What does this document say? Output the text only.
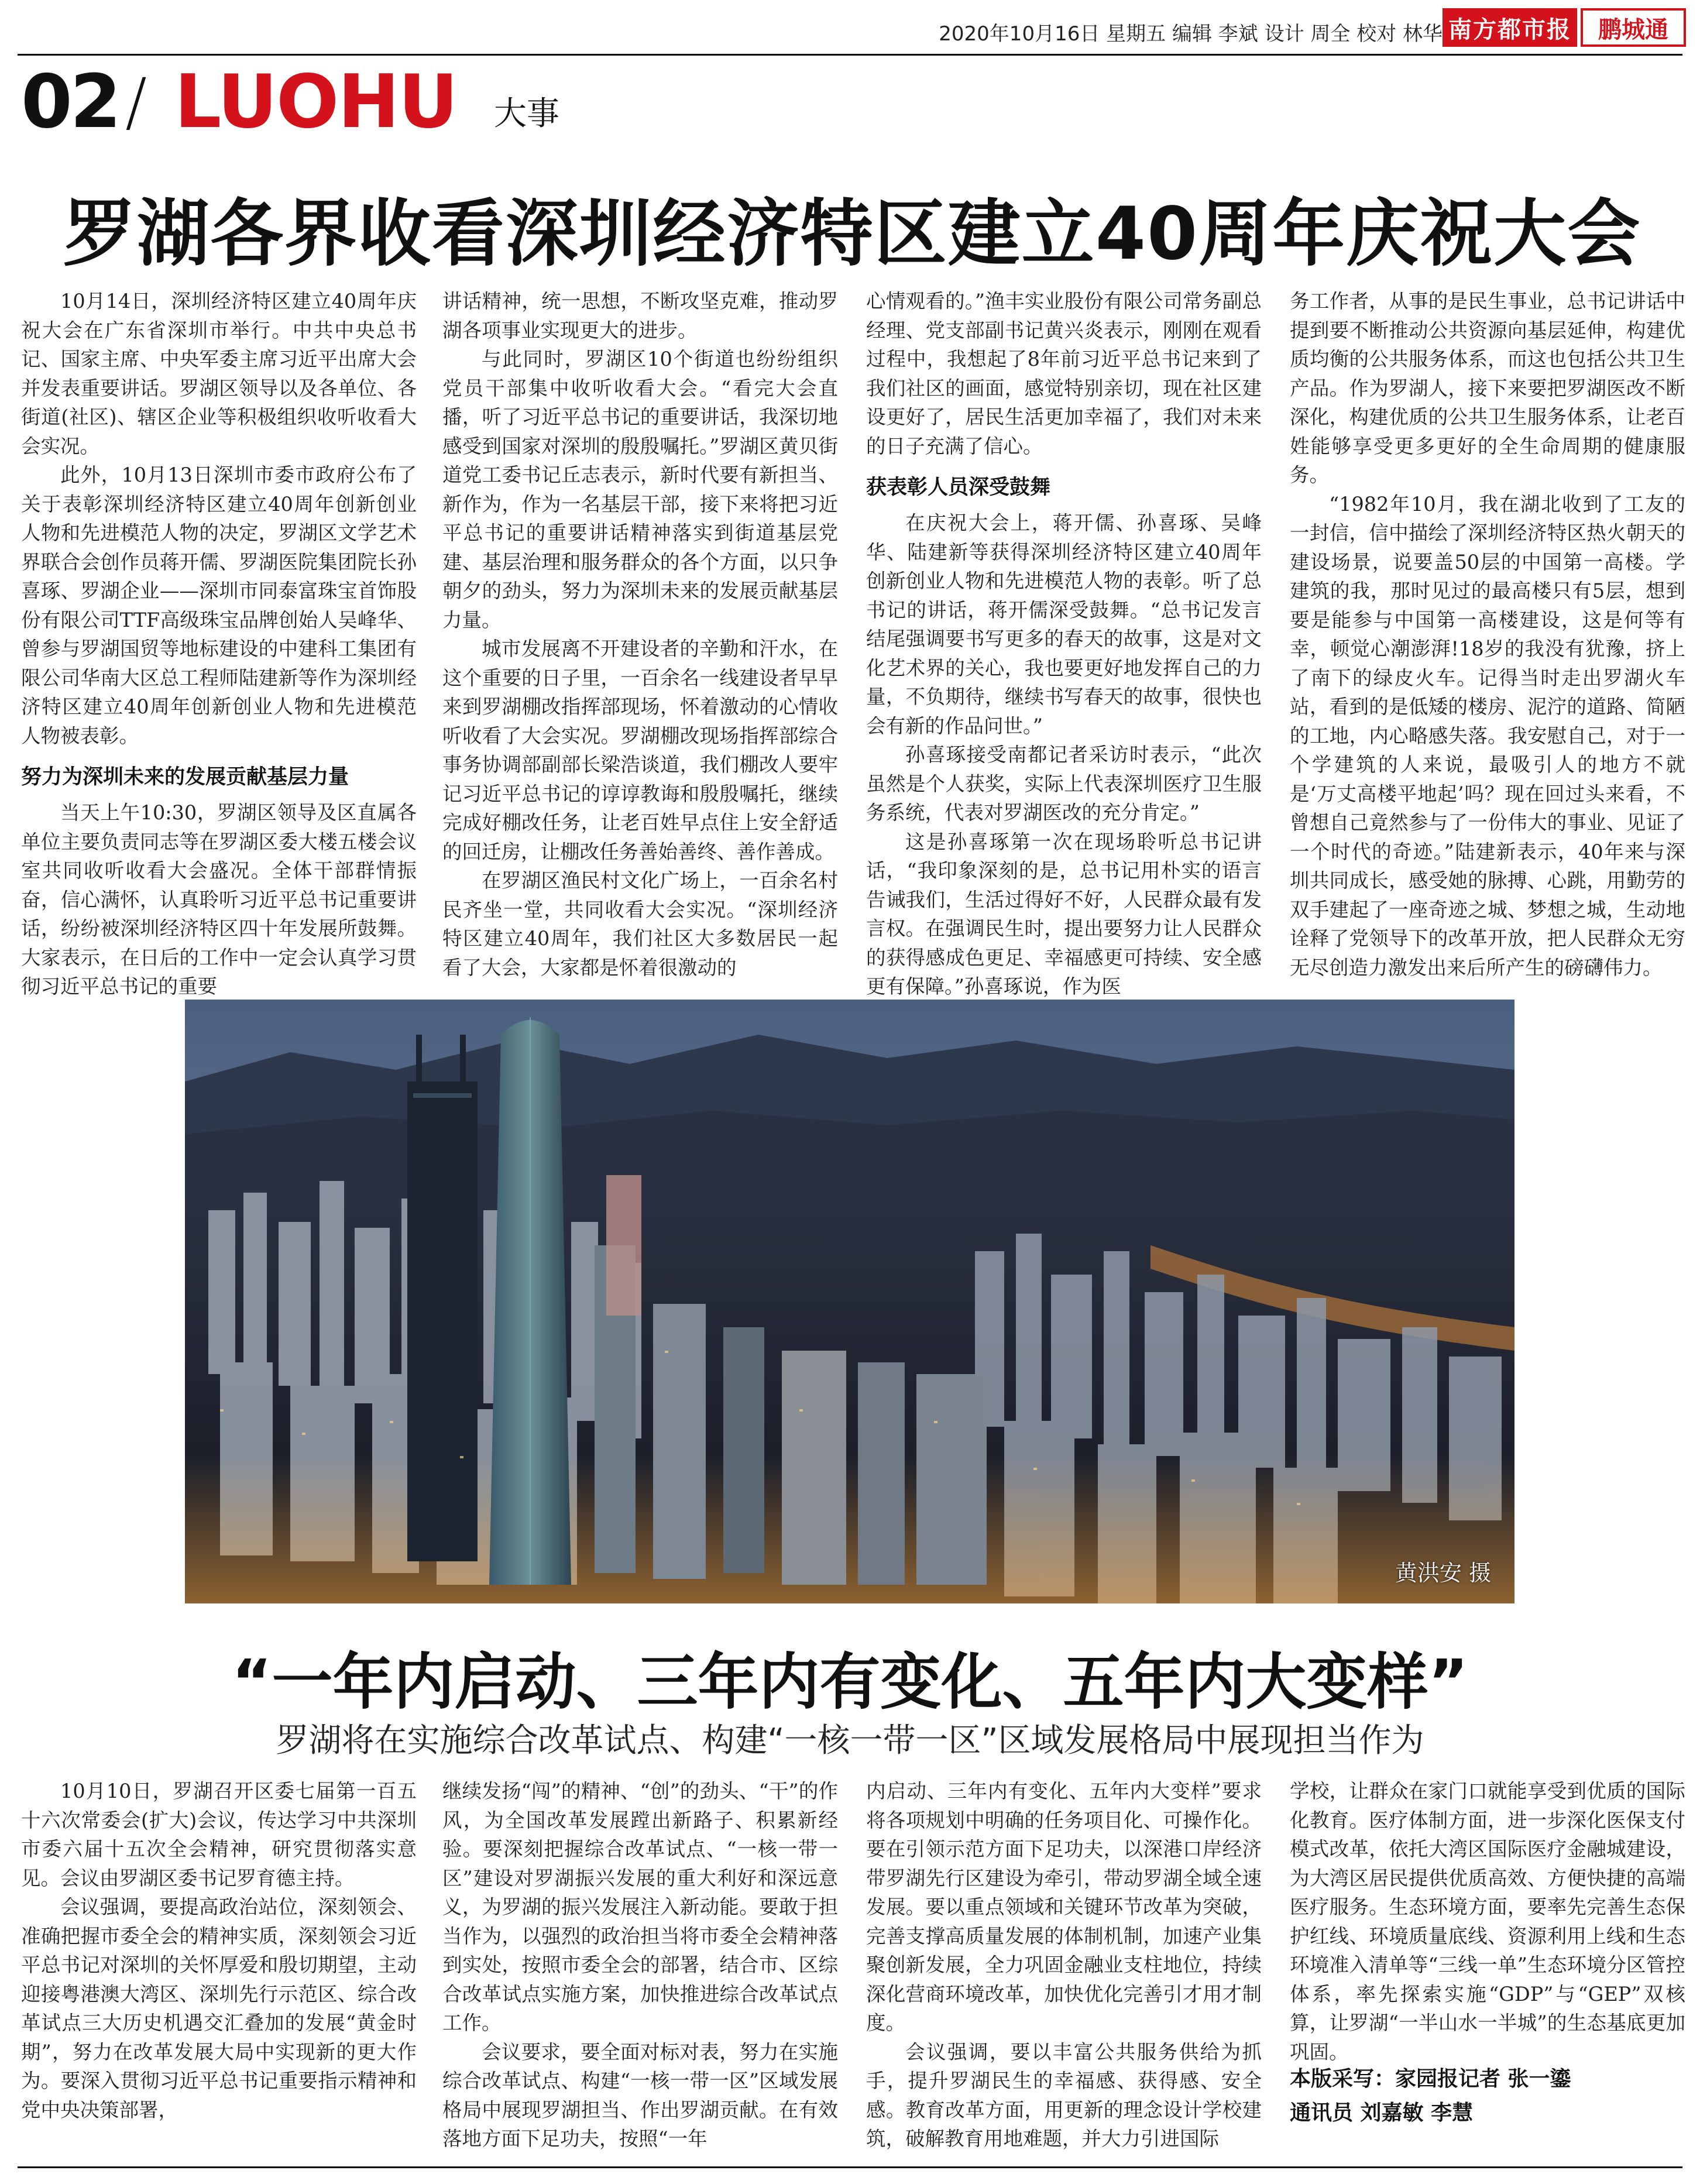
2020年10月16日 星期五 编辑 李斌 设计 周全 校对 林华 南方都市报	鹏城通
02 / LUOHU 大事
罗湖各界收看深圳经济特区建立40周年庆祝大会

10月14日，深圳经济特区建立40周年庆祝大会在广东省深圳市举行。中共中央总书记、国家主席、中央军委主席习近平出席大会并发表重要讲话。罗湖区领导以及各单位、各街道(社区)、辖区企业等积极组织收听收看大会实况。

此外，10月13日深圳市委市政府公布了关于表彰深圳经济特区建立40周年创新创业人物和先进模范人物的决定，罗湖区文学艺术界联合会创作员蒋开儒、罗湖医院集团院长孙喜琢、罗湖企业——深圳市同泰富珠宝首饰股份有限公司TTF高级珠宝品牌创始人吴峰华、曾参与罗湖国贸等地标建设的中建科工集团有限公司华南大区总工程师陆建新等作为深圳经济特区建立40周年创新创业人物和先进模范人物被表彰。

努力为深圳未来的发展贡献基层力量

当天上午10:30，罗湖区领导及区直属各单位主要负责同志等在罗湖区委大楼五楼会议室共同收听收看大会盛况。全体干部群情振奋，信心满怀，认真聆听习近平总书记重要讲话，纷纷被深圳经济特区四十年发展所鼓舞。大家表示，在日后的工作中一定会认真学习贯彻习近平总书记的重要

讲话精神，统一思想，不断攻坚克难，推动罗湖各项事业实现更大的进步。

与此同时，罗湖区10个街道也纷纷组织党员干部集中收听收看大会。“看完大会直播，听了习近平总书记的重要讲话，我深切地感受到国家对深圳的殷殷嘱托。”罗湖区黄贝街道党工委书记丘志表示，新时代要有新担当、新作为，作为一名基层干部，接下来将把习近平总书记的重要讲话精神落实到街道基层党建、基层治理和服务群众的各个方面，以只争朝夕的劲头，努力为深圳未来的发展贡献基层力量。

城市发展离不开建设者的辛勤和汗水，在这个重要的日子里，一百余名一线建设者早早来到罗湖棚改指挥部现场，怀着激动的心情收听收看了大会实况。罗湖棚改现场指挥部综合事务协调部副部长梁浩谈道，我们棚改人要牢记习近平总书记的谆谆教诲和殷殷嘱托，继续完成好棚改任务，让老百姓早点住上安全舒适的回迁房，让棚改任务善始善终、善作善成。

在罗湖区渔民村文化广场上，一百余名村民齐坐一堂，共同收看大会实况。“深圳经济特区建立40周年，我们社区大多数居民一起看了大会，大家都是怀着很激动的

心情观看的。”渔丰实业股份有限公司常务副总经理、党支部副书记黄兴炎表示，刚刚在观看过程中，我想起了8年前习近平总书记来到了我们社区的画面，感觉特别亲切，现在社区建设更好了，居民生活更加幸福了，我们对未来的日子充满了信心。

获表彰人员深受鼓舞

在庆祝大会上，蒋开儒、孙喜琢、吴峰华、陆建新等获得深圳经济特区建立40周年创新创业人物和先进模范人物的表彰。听了总书记的讲话，蒋开儒深受鼓舞。“总书记发言结尾强调要书写更多的春天的故事，这是对文化艺术界的关心，我也要更好地发挥自己的力量，不负期待，继续书写春天的故事，很快也会有新的作品问世。”

孙喜琢接受南都记者采访时表示，“此次虽然是个人获奖，实际上代表深圳医疗卫生服务系统，代表对罗湖医改的充分肯定。”

这是孙喜琢第一次在现场聆听总书记讲话，“我印象深刻的是，总书记用朴实的语言告诫我们，生活过得好不好，人民群众最有发言权。在强调民生时，提出要努力让人民群众的获得感成色更足、幸福感更可持续、安全感更有保障。”孙喜琢说，作为医

务工作者，从事的是民生事业，总书记讲话中提到要不断推动公共资源向基层延伸，构建优质均衡的公共服务体系，而这也包括公共卫生产品。作为罗湖人，接下来要把罗湖医改不断深化，构建优质的公共卫生服务体系，让老百姓能够享受更多更好的全生命周期的健康服务。

“1982年10月，我在湖北收到了工友的一封信，信中描绘了深圳经济特区热火朝天的建设场景，说要盖50层的中国第一高楼。学建筑的我，那时见过的最高楼只有5层，想到要是能参与中国第一高楼建设，这是何等有幸，顿觉心潮澎湃!18岁的我没有犹豫，挤上了南下的绿皮火车。记得当时走出罗湖火车站，看到的是低矮的楼房、泥泞的道路、简陋的工地，内心略感失落。我安慰自己，对于一个学建筑的人来说，最吸引人的地方不就是‘万丈高楼平地起’吗？现在回过头来看，不曾想自己竟然参与了一份伟大的事业、见证了一个时代的奇迹。”陆建新表示，40年来与深圳共同成长，感受她的脉搏、心跳，用勤劳的双手建起了一座奇迹之城、梦想之城，生动地诠释了党领导下的改革开放，把人民群众无穷无尽创造力激发出来后所产生的磅礴伟力。

黄洪安 摄
“一年内启动、三年内有变化、五年内大变样”
罗湖将在实施综合改革试点、构建“一核一带一区”区域发展格局中展现担当作为

10月10日，罗湖召开区委七届第一百五十六次常委会(扩大)会议，传达学习中共深圳市委六届十五次全会精神，研究贯彻落实意见。会议由罗湖区委书记罗育德主持。

会议强调，要提高政治站位，深刻领会、准确把握市委全会的精神实质，深刻领会习近平总书记对深圳的关怀厚爱和殷切期望，主动迎接粤港澳大湾区、深圳先行示范区、综合改革试点三大历史机遇交汇叠加的发展“黄金时期”，努力在改革发展大局中实现新的更大作为。要深入贯彻习近平总书记重要指示精神和党中央决策部署，

继续发扬“闯”的精神、“创”的劲头、“干”的作风，为全国改革发展蹚出新路子、积累新经验。要深刻把握综合改革试点、“一核一带一区”建设对罗湖振兴发展的重大利好和深远意义，为罗湖的振兴发展注入新动能。要敢于担当作为，以强烈的政治担当将市委全会精神落到实处，按照市委全会的部署，结合市、区综合改革试点实施方案，加快推进综合改革试点工作。

会议要求，要全面对标对表，努力在实施综合改革试点、构建“一核一带一区”区域发展格局中展现罗湖担当、作出罗湖贡献。在有效落地方面下足功夫，按照“一年

内启动、三年内有变化、五年内大变样”要求将各项规划中明确的任务项目化、可操作化。要在引领示范方面下足功夫，以深港口岸经济带罗湖先行区建设为牵引，带动罗湖全域全速发展。要以重点领域和关键环节改革为突破，完善支撑高质量发展的体制机制，加速产业集聚创新发展，全力巩固金融业支柱地位，持续深化营商环境改革，加快优化完善引才用才制度。

会议强调，要以丰富公共服务供给为抓手，提升罗湖民生的幸福感、获得感、安全感。教育改革方面，用更新的理念设计学校建筑，破解教育用地难题，并大力引进国际

学校，让群众在家门口就能享受到优质的国际化教育。医疗体制方面，进一步深化医保支付模式改革，依托大湾区国际医疗金融城建设，为大湾区居民提供优质高效、方便快捷的高端医疗服务。生态环境方面，要率先完善生态保护红线、环境质量底线、资源利用上线和生态环境准入清单等“三线一单”生态环境分区管控体系，率先探索实施“GDP”与“GEP”双核算，让罗湖“一半山水一半城”的生态基底更加巩固。

本版采写：家园报记者 张一鎏
通讯员 刘嘉敏 李慧
